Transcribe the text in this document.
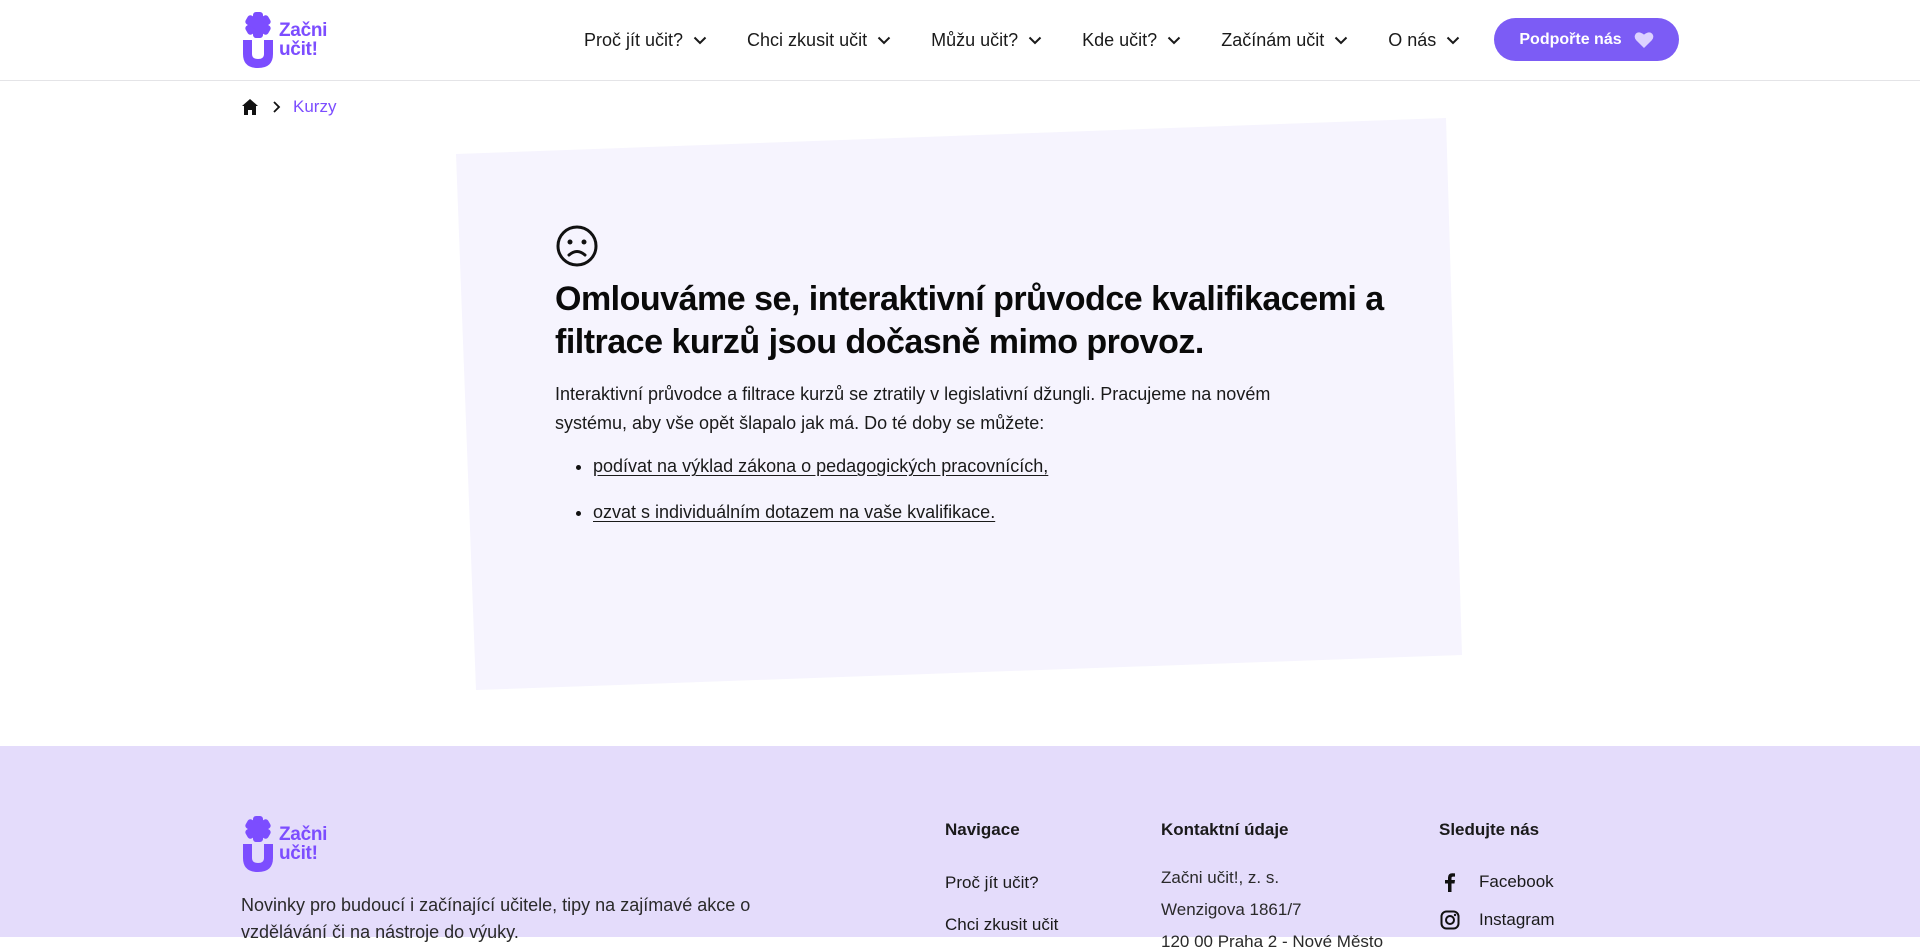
Začni
učit!	Proč jít učit?	Chci zkusit učit	Můžu učit?	Kde učit?	Začínám učit	O nás	Podpořte nás
Kurzy
Omlouváme se, interaktivní průvodce kvalifikacemi a filtrace kurzů jsou dočasně mimo provoz.

Interaktivní průvodce a filtrace kurzů se ztratily v legislativní džungli. Pracujeme na novém systému, aby vše opět šlapalo jak má. Do té doby se můžete:

• podívat na výklad zákona o pedagogických pracovnících,
• ozvat s individuálním dotazem na vaše kvalifikace.
Začni
učit!

Novinky pro budoucí i začínající učitele, tipy na zajímavé akce o vzdělávání či na nástroje do výuky.

Navigace
Proč jít učit?
Chci zkusit učit
Kontaktní údaje
Začni učit!, z. s.
Wenzigova 1861/7
120 00 Praha 2 - Nové Město
Sledujte nás
Facebook
Instagram
